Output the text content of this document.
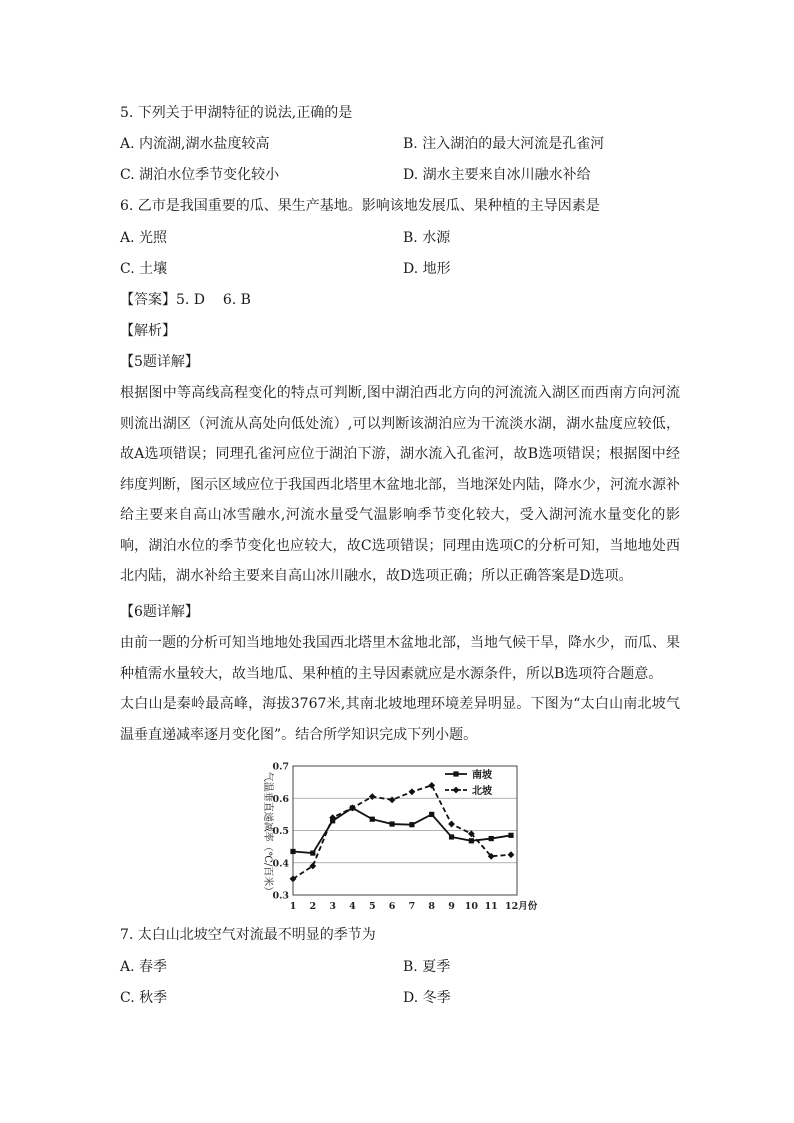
5. 下列关于甲湖特征的说法,正确的是
A. 内流湖,湖水盐度较高	B. 注入湖泊的最大河流是孔雀河
C. 湖泊水位季节变化较小	D. 湖水主要来自冰川融水补给
6. 乙市是我国重要的瓜、果生产基地。影响该地发展瓜、果种植的主导因素是
A. 光照	B. 水源
C. 土壤	D. 地形
【答案】5. D    6. B
【解析】
【5题详解】
根据图中等高线高程变化的特点可判断,图中湖泊西北方向的河流流入湖区而西南方向河流则流出湖区（河流从高处向低处流）,可以判断该湖泊应为干流淡水湖，湖水盐度应较低，故A选项错误；同理孔雀河应位于湖泊下游，湖水流入孔雀河，故B选项错误；根据图中经纬度判断，图示区域应位于我国西北塔里木盆地北部，当地深处内陆，降水少，河流水源补给主要来自高山冰雪融水,河流水量受气温影响季节变化较大，受入湖河流水量变化的影响，湖泊水位的季节变化也应较大，故C选项错误；同理由选项C的分析可知，当地地处西北内陆，湖水补给主要来自高山冰川融水，故D选项正确；所以正确答案是D选项。
【6题详解】
由前一题的分析可知当地地处我国西北塔里木盆地北部，当地气候干旱，降水少，而瓜、果种植需水量较大，故当地瓜、果种植的主导因素就应是水源条件，所以B选项符合题意。
太白山是秦岭最高峰，海拔3767米,其南北坡地理环境差异明显。下图为“太白山南北坡气温垂直递减率逐月变化图”。结合所学知识完成下列小题。
0.3
0.4
0.5
0.6
0.7
1 2 3 4 5 6 7 8 9 10 11 12月份
南坡
北坡
气温垂直递减率（℃/百米）
7. 太白山北坡空气对流最不明显的季节为
A. 春季	B. 夏季
C. 秋季	D. 冬季
